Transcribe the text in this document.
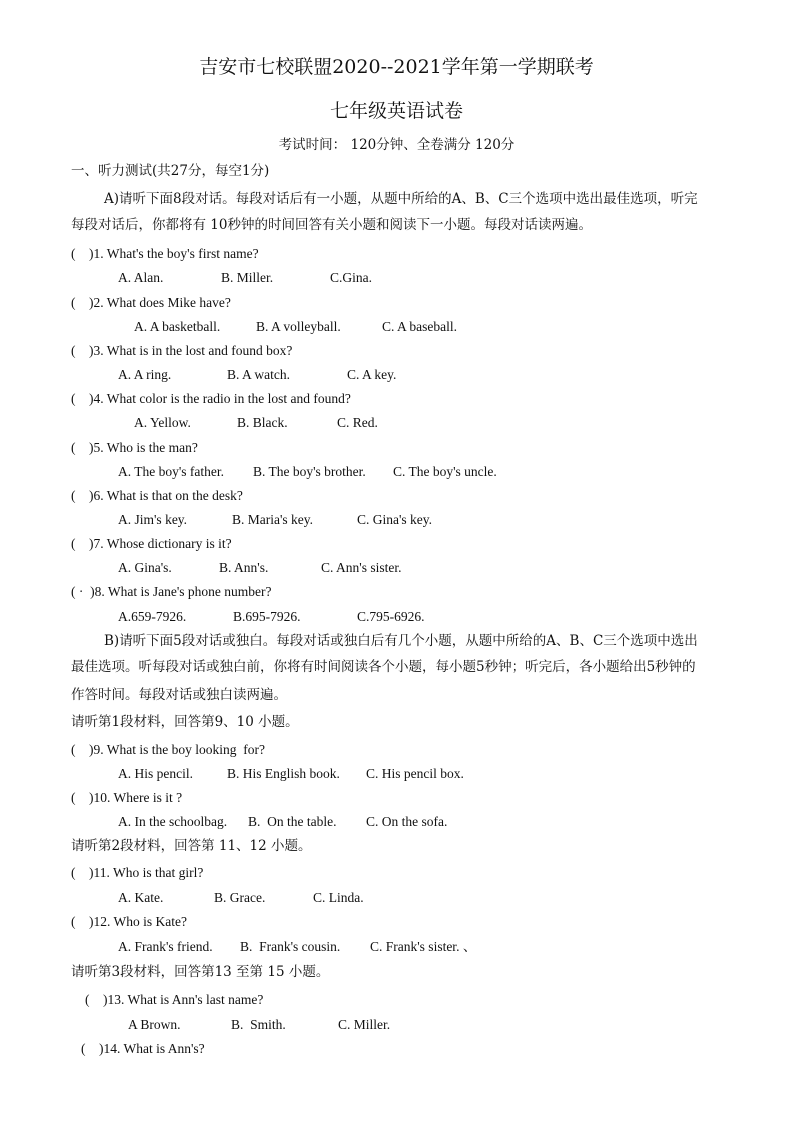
吉安市七校联盟2020--2021学年第一学期联考
七年级英语试卷
考试时间： 120分钟、全卷满分 120分
一、听力测试(共27分，每空1分)
A)请听下面8段对话。每段对话后有一小题，从题中所给的A、B、C三个选项中选出最佳选项，听完
每段对话后，你都将有 10秒钟的时间回答有关小题和阅读下一小题。每段对话读两遍。
(    )1. What's the boy's first name?
A. Alan.	B. Miller.	C.Gina.
(    )2. What does Mike have?
A. A basketball.	B. A volleyball.	C. A baseball.
(    )3. What is in the lost and found box?
A. A ring.	B. A watch.	C. A key.
(    )4. What color is the radio in the lost and found?
A. Yellow.	B. Black.	C. Red.
(    )5. Who is the man?
A. The boy's father. B. The boy's brother. C. The boy's uncle.
(    )6. What is that on the desk?
A. Jim's key.	B. Maria's key.	C. Gina's key.
(    )7. Whose dictionary is it?
A. Gina's.	B. Ann's.	C. Ann's sister.
( ·  )8. What is Jane's phone number?
A.659-7926.	B.695-7926.	C.795-6926.
B)请听下面5段对话或独白。每段对话或独白后有几个小题，从题中所给的A、B、C三个选项中选出
最佳选项。听每段对话或独白前，你将有时间阅读各个小题，每小题5秒钟；听完后，各小题给出5秒钟的
作答时间。每段对话或独白读两遍。
请听第1段材料，回答第9、10 小题。
(    )9. What is the boy looking  for?
A. His pencil.	B. His English book. C. His pencil box.
(    )10. Where is it ?
A. In the schoolbag. B.  On the table. C. On the sofa.
请听第2段材料，回答第 11、12 小题。
(    )11. Who is that girl?
A. Kate.	B. Grace.	C. Linda.
(    )12. Who is Kate?
A. Frank's friend. B.  Frank's cousin. C. Frank's sister. 、
请听第3段材料，回答第13 至第 15 小题。
(    )13. What is Ann's last name?
A Brown.	B.  Smith.	C. Miller.
(    )14. What is Ann's?
